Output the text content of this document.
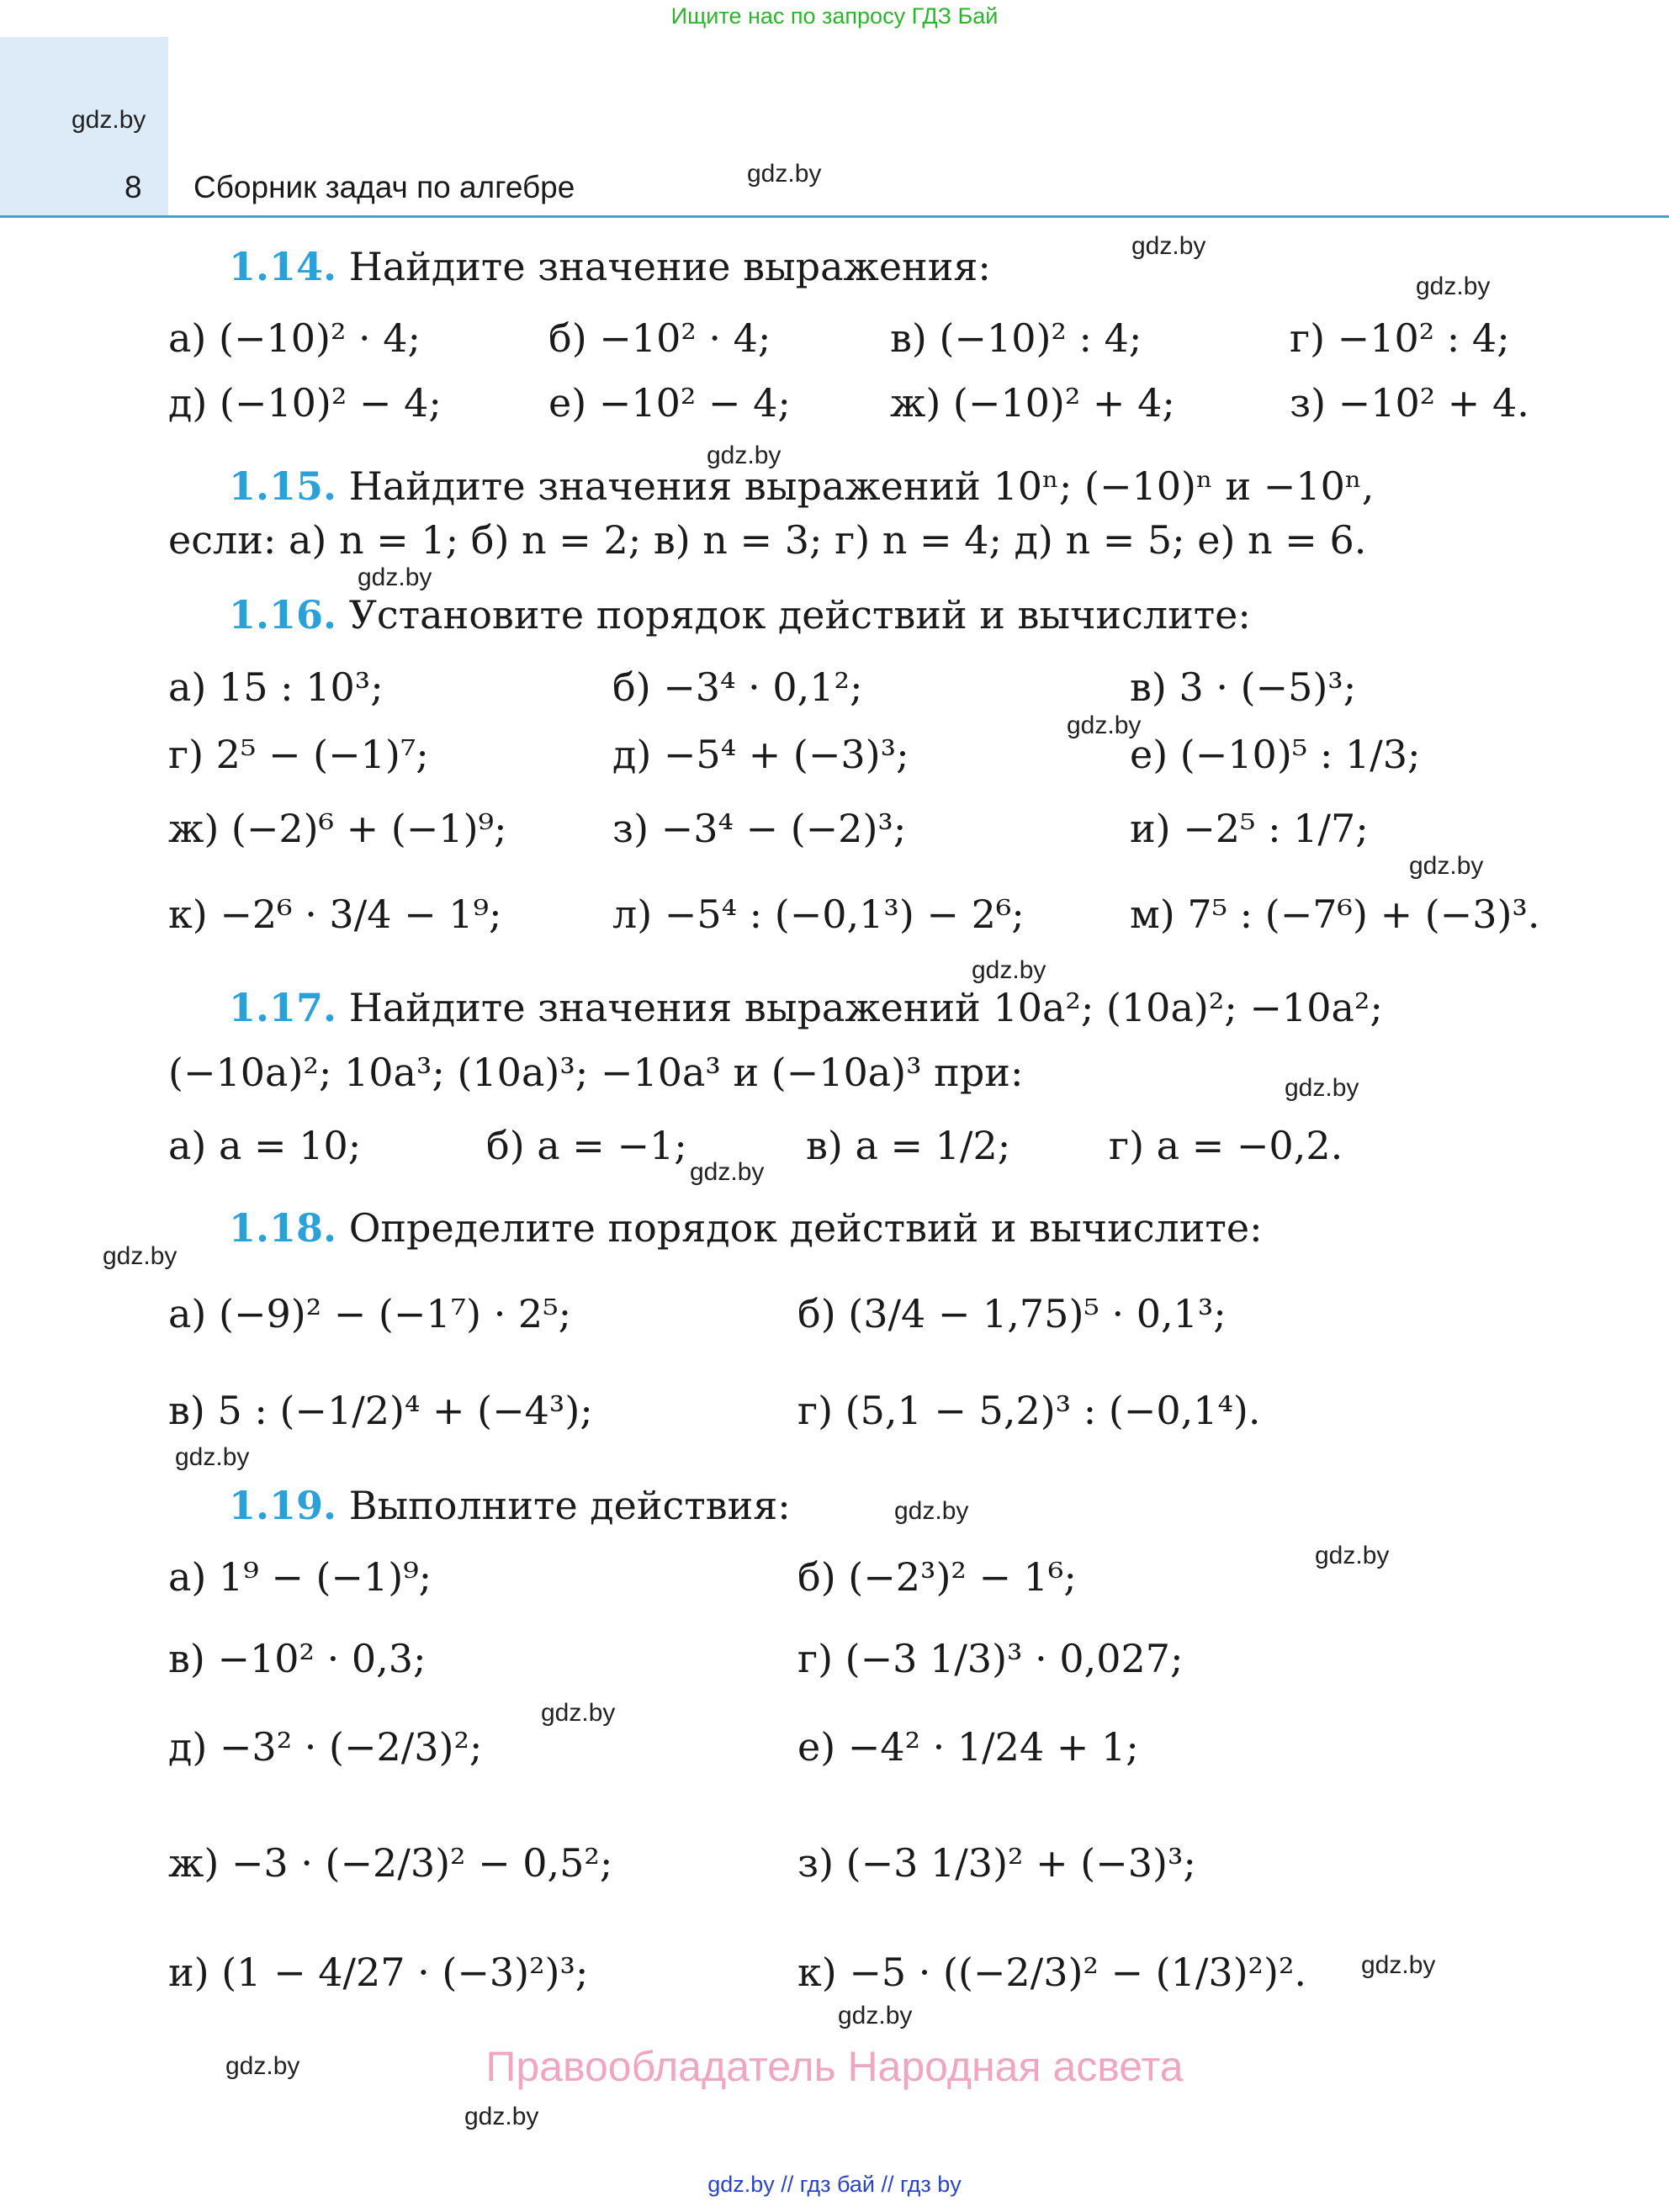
Ищите нас по запросу ГДЗ Бай
8 Сборник задач по алгебре
gdz.by
gdz.by
gdz.by
gdz.by
gdz.by
gdz.by
gdz.by
gdz.by
gdz.by
gdz.by
gdz.by
gdz.by
gdz.by
gdz.by
gdz.by
gdz.by
gdz.by
gdz.by
gdz.by
gdz.by
1.14. Найдите значение выражения:
а) (−10)² · 4;	б) −10² · 4;	в) (−10)² : 4;	г) −10² : 4;
д) (−10)² − 4;	е) −10² − 4;	ж) (−10)² + 4;	з) −10² + 4.
1.15. Найдите значения выражений 10ⁿ; (−10)ⁿ и −10ⁿ,
если: а) n = 1; б) n = 2; в) n = 3; г) n = 4; д) n = 5; е) n = 6.
1.16. Установите порядок действий и вычислите:
а) 15 : 10³;	б) −3⁴ · 0,1²;	в) 3 · (−5)³;
г) 2⁵ − (−1)⁷;	д) −5⁴ + (−3)³;	е) (−10)⁵ : 1/3;
ж) (−2)⁶ + (−1)⁹;	з) −3⁴ − (−2)³;	и) −2⁵ : 1/7;
к) −2⁶ · 3/4 − 1⁹;	л) −5⁴ : (−0,1³) − 2⁶;	м) 7⁵ : (−7⁶) + (−3)³.
1.17. Найдите значения выражений 10a²; (10a)²; −10a²;
(−10a)²; 10a³; (10a)³; −10a³ и (−10a)³ при:
а) a = 10;	б) a = −1;	в) a = 1/2;	г) a = −0,2.
1.18. Определите порядок действий и вычислите:
а) (−9)² − (−1⁷) · 2⁵;	б) (3/4 − 1,75)⁵ · 0,1³;
в) 5 : (−1/2)⁴ + (−4³);	г) (5,1 − 5,2)³ : (−0,1⁴).
1.19. Выполните действия:
а) 1⁹ − (−1)⁹;	б) (−2³)² − 1⁶;
в) −10² · 0,3;	г) (−3 1/3)³ · 0,027;
д) −3² · (−2/3)²;	е) −4² · 1/24 + 1;
ж) −3 · (−2/3)² − 0,5²;	з) (−3 1/3)² + (−3)³;
и) (1 − 4/27 · (−3)²)³;	к) −5 · ((−2/3)² − (1/3)²)².
Правообладатель Народная асвета
gdz.by // гдз бай // гдз by
